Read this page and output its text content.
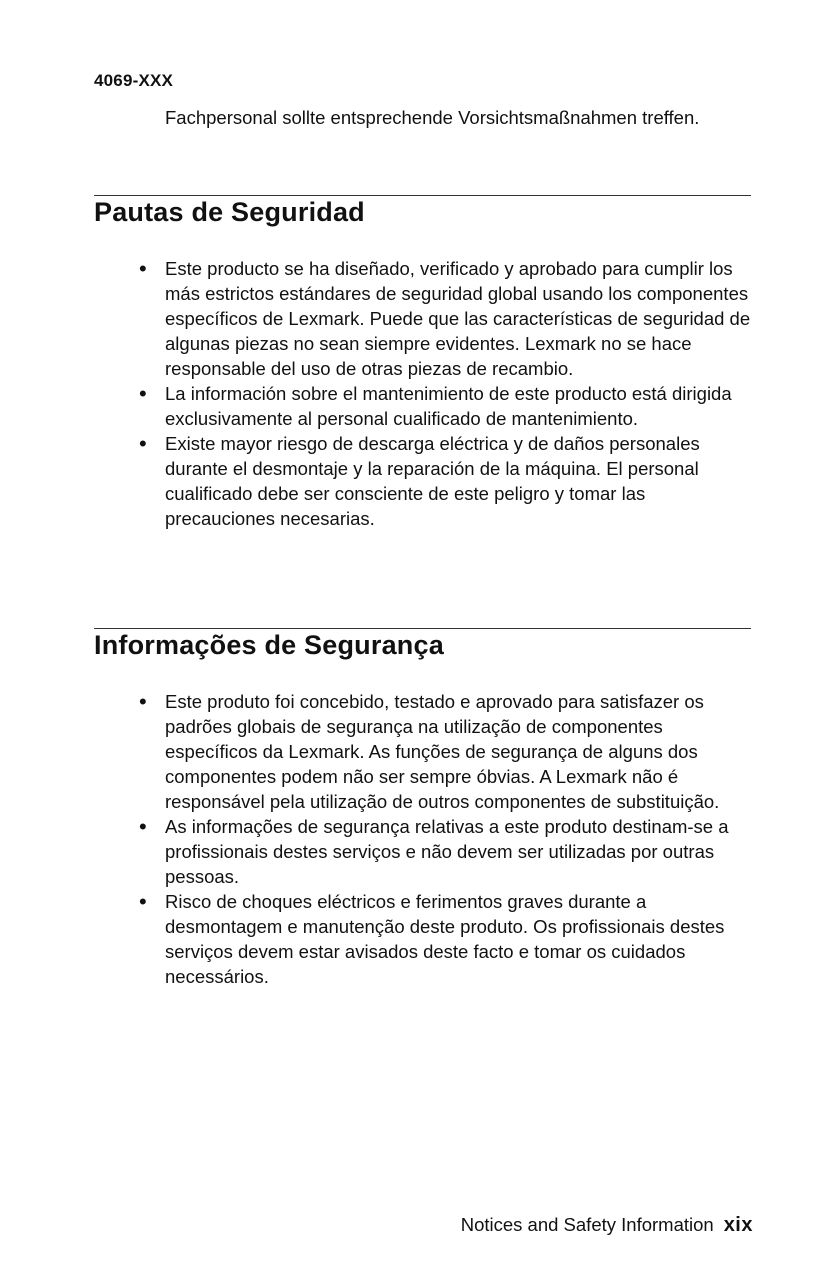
4069-XXX

Fachpersonal sollte entsprechende Vorsichtsmaßnahmen treffen.

Pautas de Seguridad
• Este producto se ha diseñado, verificado y aprobado para cumplir los más estrictos estándares de seguridad global usando los componentes específicos de Lexmark. Puede que las características de seguridad de algunas piezas no sean siempre evidentes. Lexmark no se hace responsable del uso de otras piezas de recambio.
• La información sobre el mantenimiento de este producto está dirigida exclusivamente al personal cualificado de mantenimiento.
• Existe mayor riesgo de descarga eléctrica y de daños personales durante el desmontaje y la reparación de la máquina. El personal cualificado debe ser consciente de este peligro y tomar las precauciones necesarias.
Informações de Segurança
• Este produto foi concebido, testado e aprovado para satisfazer os padrões globais de segurança na utilização de componentes específicos da Lexmark. As funções de segurança de alguns dos componentes podem não ser sempre óbvias. A Lexmark não é responsável pela utilização de outros componentes de substituição.
• As informações de segurança relativas a este produto destinam-se a profissionais destes serviços e não devem ser utilizadas por outras pessoas.
• Risco de choques eléctricos e ferimentos graves durante a desmontagem e manutenção deste produto. Os profissionais destes serviços devem estar avisados deste facto e tomar os cuidados necessários.
Notices and Safety Information xix
